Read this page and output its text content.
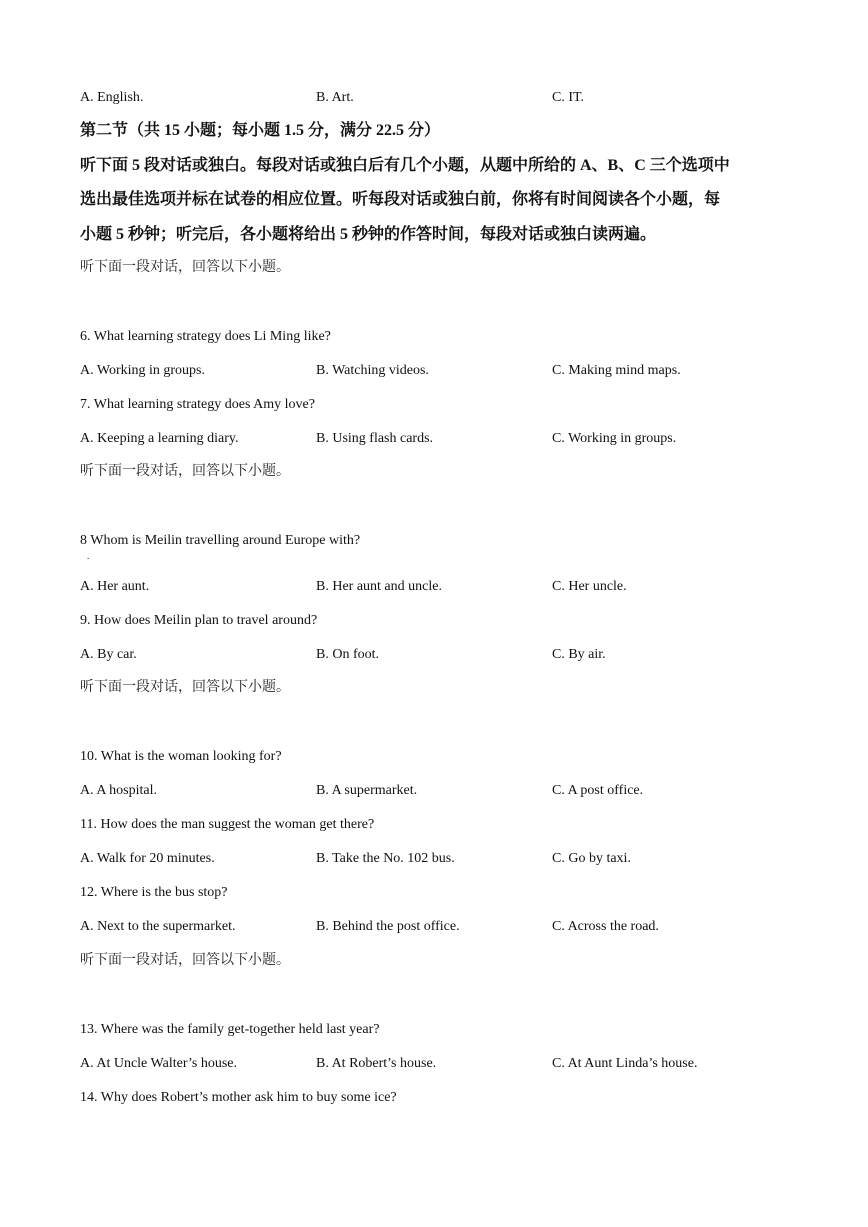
A. English.	B. Art.	C. IT.
第二节（共 15 小题；每小题 1.5 分，满分 22.5 分）
听下面 5 段对话或独白。每段对话或独白后有几个小题，从题中所给的 A、B、C 三个选项中
选出最佳选项并标在试卷的相应位置。听每段对话或独白前，你将有时间阅读各个小题，每
小题 5 秒钟；听完后，各小题将给出 5 秒钟的作答时间，每段对话或独白读两遍。
听下面一段对话，回答以下小题。
6. What learning strategy does Li Ming like?
A. Working in groups.	B. Watching videos.	C. Making mind maps.
7. What learning strategy does Amy love?
A. Keeping a learning diary.	B. Using flash cards.	C. Working in groups.
听下面一段对话，回答以下小题。
8 Whom is Meilin travelling around Europe with?
.
A. Her aunt.	B. Her aunt and uncle.	C. Her uncle.
9. How does Meilin plan to travel around?
A. By car.	B. On foot.	C. By air.
听下面一段对话，回答以下小题。
10. What is the woman looking for?
A. A hospital.	B. A supermarket.	C. A post office.
11. How does the man suggest the woman get there?
A. Walk for 20 minutes.	B. Take the No. 102 bus.	C. Go by taxi.
12. Where is the bus stop?
A. Next to the supermarket.	B. Behind the post office.	C. Across the road.
听下面一段对话，回答以下小题。
13. Where was the family get-together held last year?
A. At Uncle Walter’s house.	B. At Robert’s house.	C. At Aunt Linda’s house.
14. Why does Robert’s mother ask him to buy some ice?
